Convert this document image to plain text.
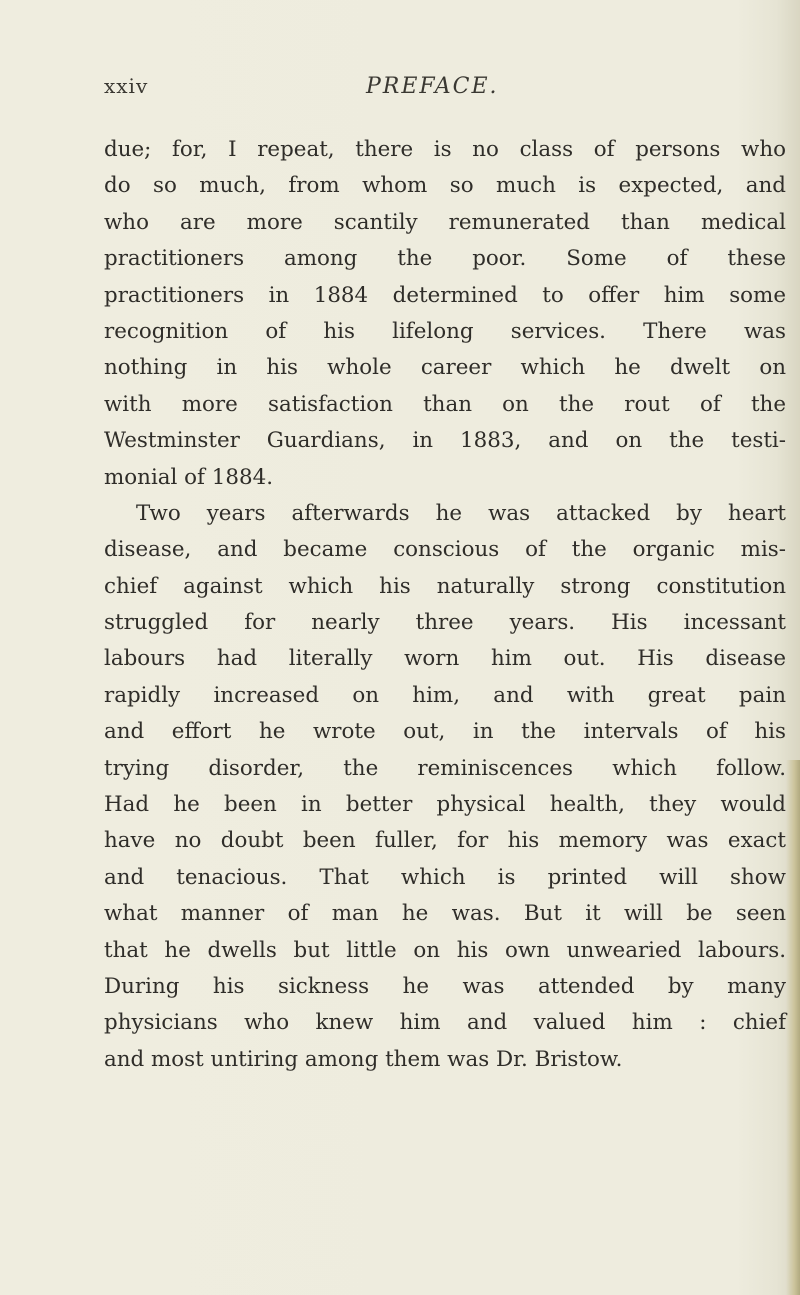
xxiv	PREFACE.
due; for, I repeat, there is no class of persons who
do so much, from whom so much is expected, and
who are more scantily remunerated than medical
practitioners among the poor. Some of these
practitioners in 1884 determined to offer him some
recognition of his lifelong services. There was
nothing in his whole career which he dwelt on
with more satisfaction than on the rout of the
Westminster Guardians, in 1883, and on the testi-
monial of 1884.
Two years afterwards he was attacked by heart
disease, and became conscious of the organic mis-
chief against which his naturally strong constitution
struggled for nearly three years. His incessant
labours had literally worn him out. His disease
rapidly increased on him, and with great pain
and effort he wrote out, in the intervals of his
trying disorder, the reminiscences which follow.
Had he been in better physical health, they would
have no doubt been fuller, for his memory was exact
and tenacious. That which is printed will show
what manner of man he was. But it will be seen
that he dwells but little on his own unwearied labours.
During his sickness he was attended by many
physicians who knew him and valued him : chief
and most untiring among them was Dr. Bristow.
